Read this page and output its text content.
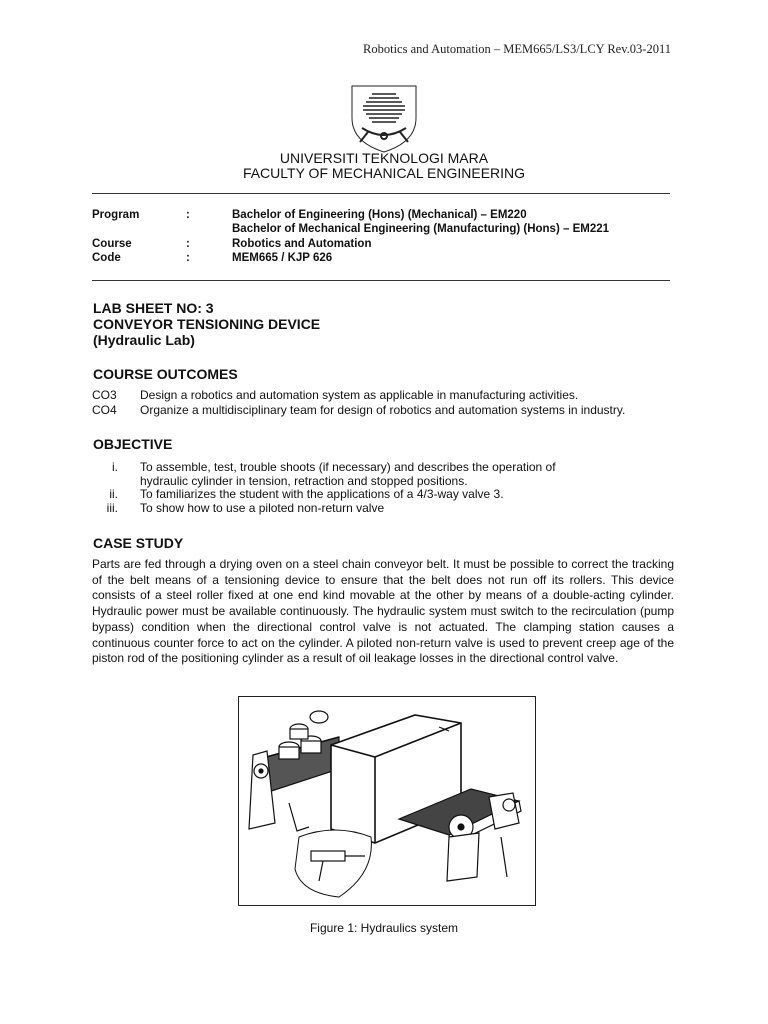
Robotics and Automation – MEM665/LS3/LCY Rev.03-2011
UNIVERSITI TEKNOLOGI MARA
FACULTY OF MECHANICAL ENGINEERING
Program	:	Bachelor of Engineering (Hons) (Mechanical) – EM220
Bachelor of Mechanical Engineering (Manufacturing) (Hons) – EM221
Course	:	Robotics and Automation
Code	:	MEM665 / KJP 626
LAB SHEET NO: 3
CONVEYOR TENSIONING DEVICE
(Hydraulic Lab)
COURSE OUTCOMES
CO3 Design a robotics and automation system as applicable in manufacturing activities.
CO4 Organize a multidisciplinary team for design of robotics and automation systems in industry.
OBJECTIVE
i. To assemble, test, trouble shoots (if necessary) and describes the operation of
hydraulic cylinder in tension, retraction and stopped positions.
ii. To familiarizes the student with the applications of a 4/3-way valve 3.
iii. To show how to use a piloted non-return valve
CASE STUDY
Parts are fed through a drying oven on a steel chain conveyor belt. It must be possible to correct the tracking of the belt means of a tensioning device to ensure that the belt does not run off its rollers. This device consists of a steel roller fixed at one end kind movable at the other by means of a double-acting cylinder. Hydraulic power must be available continuously. The hydraulic system must switch to the recirculation (pump bypass) condition when the directional control valve is not actuated. The clamping station causes a continuous counter force to act on the cylinder. A piloted non-return valve is used to prevent creep age of the piston rod of the positioning cylinder as a result of oil leakage losses in the directional control valve.
Figure 1: Hydraulics system
